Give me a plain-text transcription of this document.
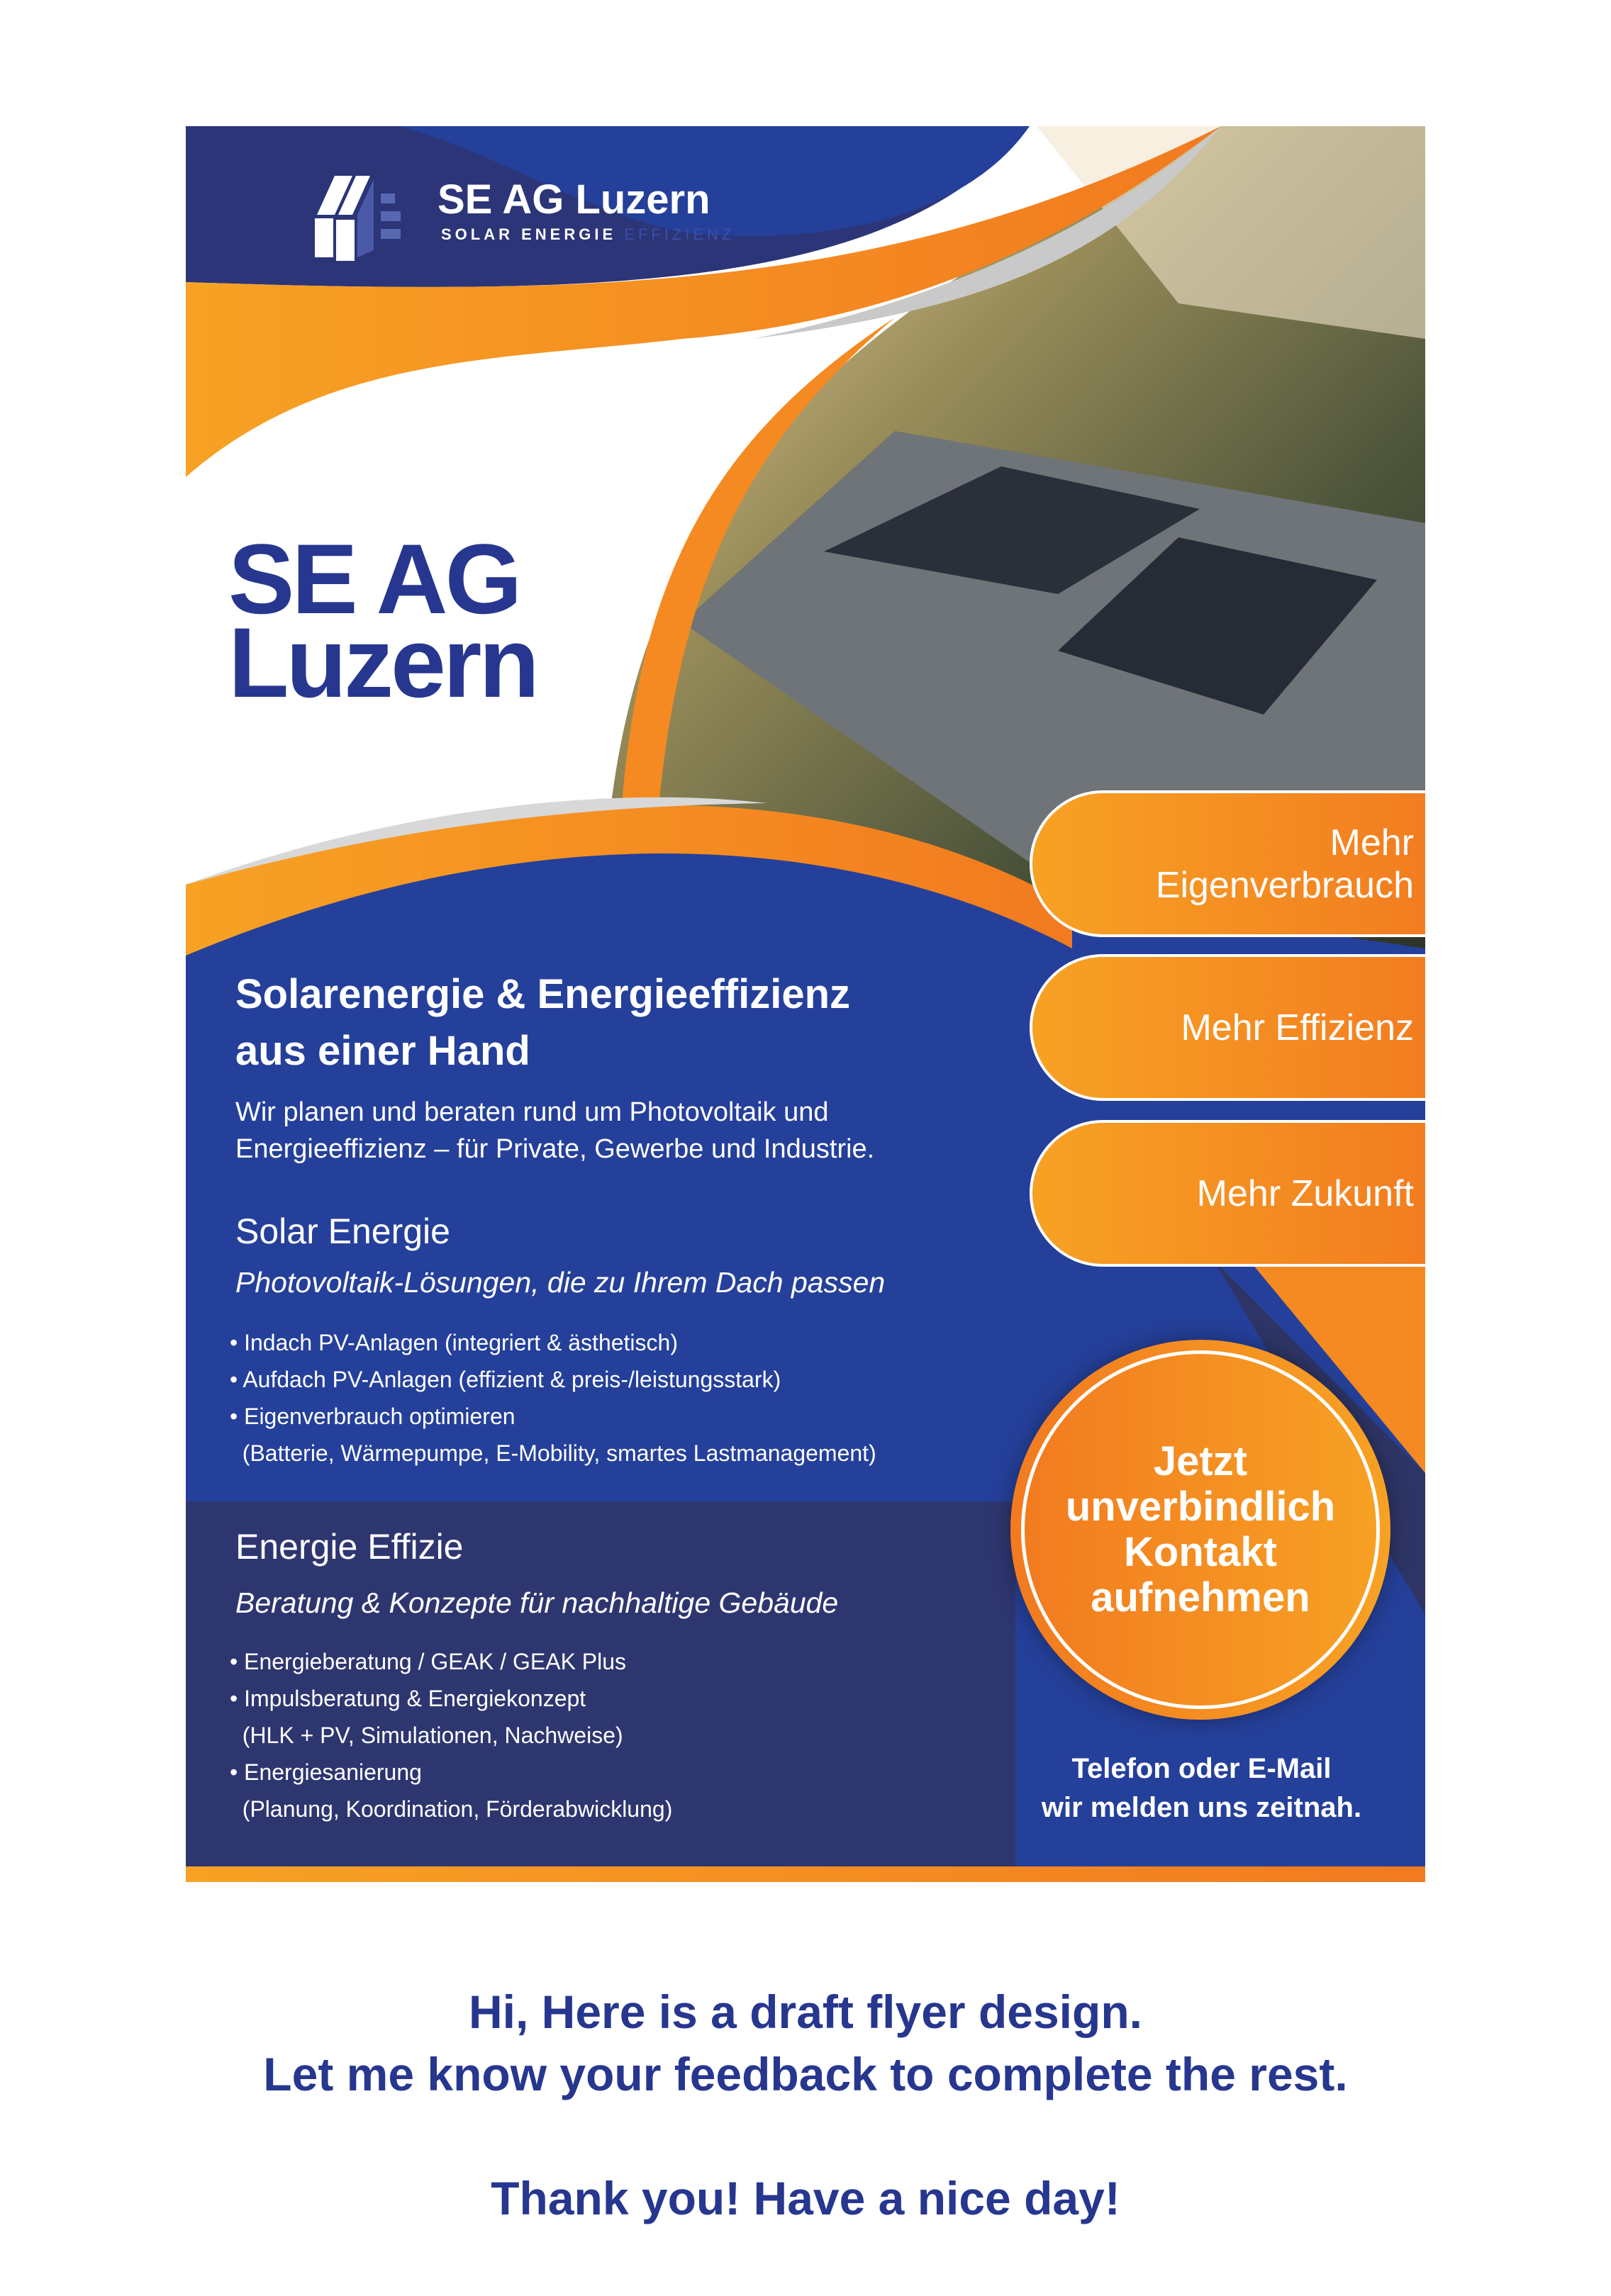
SE AG Luzern
SOLAR ENERGIE EFFIZIENZ
SE AG
Luzern
Solarenergie & Energieeffizienz
aus einer Hand
Wir planen und beraten rund um Photovoltaik und
Energieeffizienz – für Private, Gewerbe und Industrie.
Solar Energie
Photovoltaik-Lösungen, die zu Ihrem Dach passen
• Indach PV-Anlagen (integriert & ästhetisch)
• Aufdach PV-Anlagen (effizient & preis-/leistungsstark)
• Eigenverbrauch optimieren
(Batterie, Wärmepumpe, E-Mobility, smartes Lastmanagement)
Energie Effizie
Beratung & Konzepte für nachhaltige Gebäude
• Energieberatung / GEAK / GEAK Plus
• Impulsberatung & Energiekonzept
(HLK + PV, Simulationen, Nachweise)
• Energiesanierung
(Planung, Koordination, Förderabwicklung)
Mehr
Eigenverbrauch
Mehr Effizienz
Mehr Zukunft
Jetzt
unverbindlich
Kontakt
aufnehmen
Telefon oder E-Mail
wir melden uns zeitnah.
Hi, Here is a draft flyer design.
Let me know your feedback to complete the rest.
Thank you! Have a nice day!
